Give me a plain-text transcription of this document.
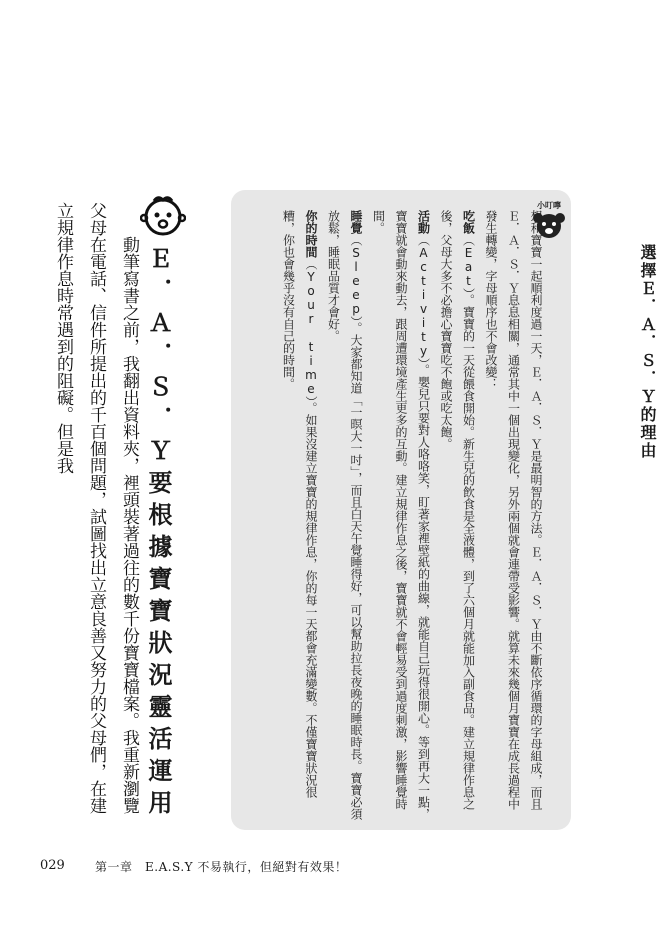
小叮嚀
選擇Ｅ．Ａ．Ｓ．Ｙ的理由

想和寶寶一起順利度過一天，Ｅ．Ａ．Ｓ．Ｙ是最明智的方法。Ｅ．Ａ．Ｓ．Ｙ由不斷依序循環的字母組成，而且Ｅ．Ａ．Ｓ．Ｙ息息相關，通常其中一個出現變化，另外兩個就會連帶受影響。就算未來幾個月寶寶在成長過程中發生轉變，字母順序也不會改變：

吃飯（Eat）。寶寶的一天從餵食開始。新生兒的飲食是全液體，到了六個月就能加入副食品。建立規律作息之後，父母大多不必擔心寶寶吃不飽或吃太飽。

活動（Activity）。嬰兒只要對人咯咯笑，盯著家裡壁紙的曲線，就能自己玩得很開心。等到再大一點，寶寶就會動來動去，跟周遭環境產生更多的互動。建立規律作息之後，寶寶就不會輕易受到過度刺激，影響睡覺時間。

睡覺（Sleep）。大家都知道「一暝大一吋」，而且白天午覺睡得好，可以幫助拉長夜晚的睡眠時長。寶寶必須放鬆，睡眠品質才會好。

你的時間（Your time）。如果沒建立寶寶的規律作息，你的每一天都會充滿變數。不僅寶寶狀況很糟，你也會幾乎沒有自己的時間。

Ｅ．Ａ．Ｓ．Ｙ要根據寶寶狀況靈活運用

動筆寫書之前，我翻出資料夾，裡頭裝著過往的數千份寶寶檔案。我重新瀏覽父母在電話、信件所提出的千百個問題，試圖找出立意良善又努力的父母們，在建立規律作息時常遇到的阻礙。但是我

029	第一章　E.A.S.Y 不易執行，但絕對有效果！
